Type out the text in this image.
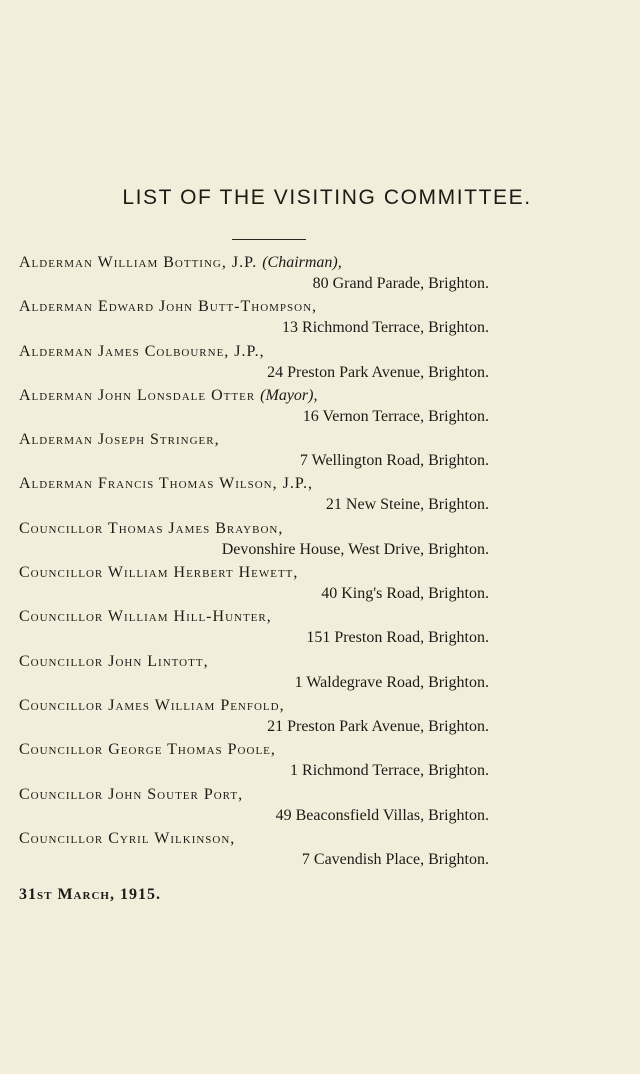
LIST OF THE VISITING COMMITTEE.
Alderman William Botting, J.P. (Chairman),
80 Grand Parade, Brighton.
Alderman Edward John Butt-Thompson,
13 Richmond Terrace, Brighton.
Alderman James Colbourne, J.P.,
24 Preston Park Avenue, Brighton.
Alderman John Lonsdale Otter (Mayor),
16 Vernon Terrace, Brighton.
Alderman Joseph Stringer,
7 Wellington Road, Brighton.
Alderman Francis Thomas Wilson, J.P.,
21 New Steine, Brighton.
Councillor Thomas James Braybon,
Devonshire House, West Drive, Brighton.
Councillor William Herbert Hewett,
40 King's Road, Brighton.
Councillor William Hill-Hunter,
151 Preston Road, Brighton.
Councillor John Lintott,
1 Waldegrave Road, Brighton.
Councillor James William Penfold,
21 Preston Park Avenue, Brighton.
Councillor George Thomas Poole,
1 Richmond Terrace, Brighton.
Councillor John Souter Port,
49 Beaconsfield Villas, Brighton.
Councillor Cyril Wilkinson,
7 Cavendish Place, Brighton.
31st March, 1915.
